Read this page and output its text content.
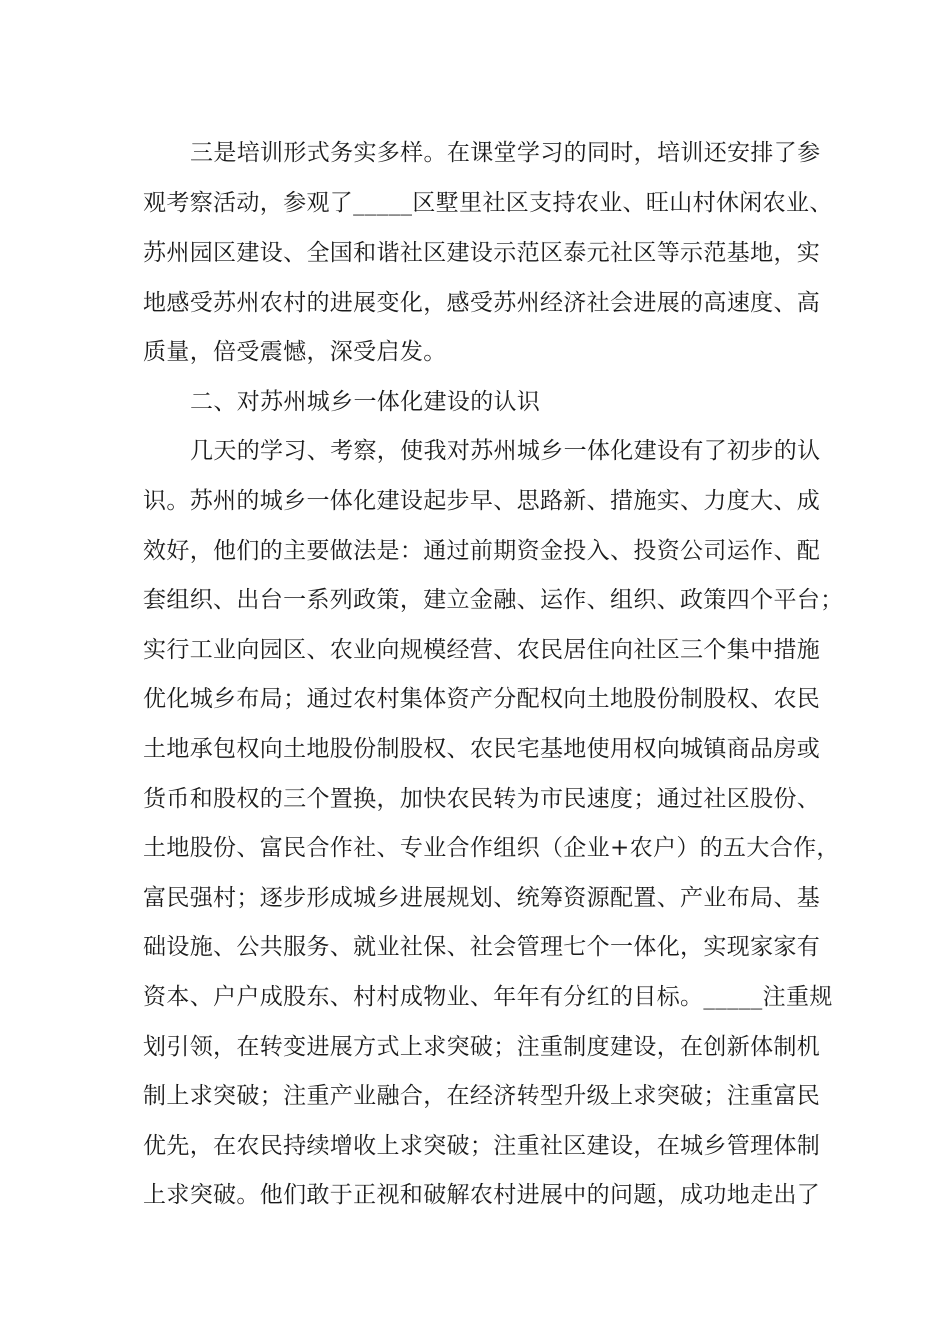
三是培训形式务实多样。在课堂学习的同时，培训还安排了参

观考察活动，参观了_____区墅里社区支持农业、旺山村休闲农业、

苏州园区建设、全国和谐社区建设示范区泰元社区等示范基地，实

地感受苏州农村的进展变化，感受苏州经济社会进展的高速度、高

质量，倍受震憾，深受启发。

二、对苏州城乡一体化建设的认识

几天的学习、考察，使我对苏州城乡一体化建设有了初步的认

识。苏州的城乡一体化建设起步早、思路新、措施实、力度大、成

效好，他们的主要做法是：通过前期资金投入、投资公司运作、配

套组织、出台一系列政策，建立金融、运作、组织、政策四个平台；

实行工业向园区、农业向规模经营、农民居住向社区三个集中措施

优化城乡布局；通过农村集体资产分配权向土地股份制股权、农民

土地承包权向土地股份制股权、农民宅基地使用权向城镇商品房或

货币和股权的三个置换，加快农民转为市民速度；通过社区股份、

土地股份、富民合作社、专业合作组织（企业+农户）的五大合作，

富民强村；逐步形成城乡进展规划、统筹资源配置、产业布局、基

础设施、公共服务、就业社保、社会管理七个一体化，实现家家有

资本、户户成股东、村村成物业、年年有分红的目标。_____注重规

划引领，在转变进展方式上求突破；注重制度建设，在创新体制机

制上求突破；注重产业融合，在经济转型升级上求突破；注重富民

优先，在农民持续增收上求突破；注重社区建设，在城乡管理体制

上求突破。他们敢于正视和破解农村进展中的问题，成功地走出了
